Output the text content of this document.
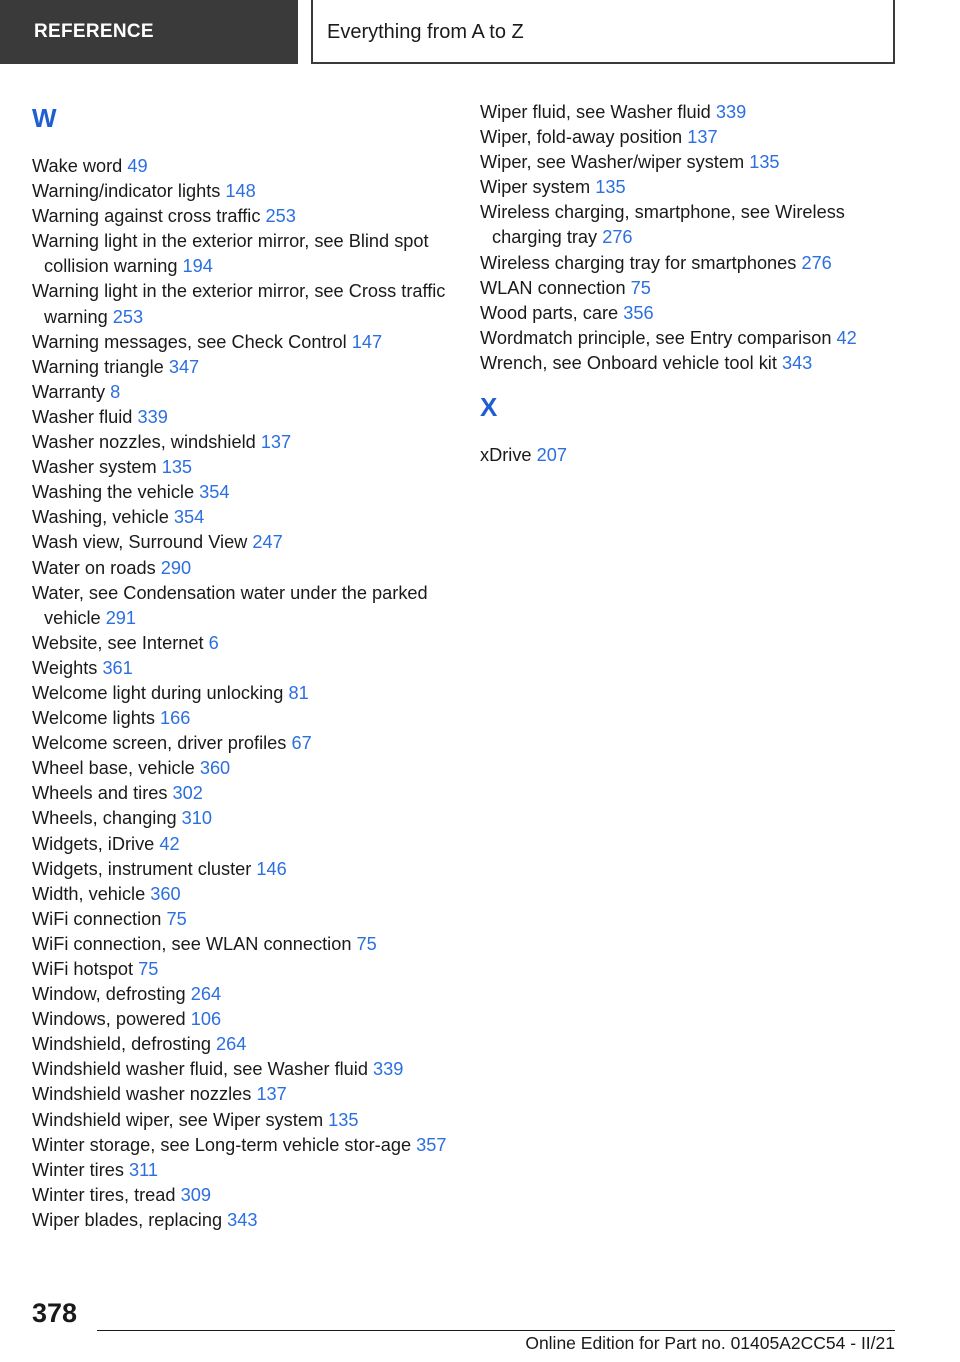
REFERENCE	Everything from A to Z
W
Wake word 49
Warning/indicator lights 148
Warning against cross traffic 253
Warning light in the exterior mirror, see Blind spot collision warning 194
Warning light in the exterior mirror, see Cross traffic warning 253
Warning messages, see Check Control 147
Warning triangle 347
Warranty 8
Washer fluid 339
Washer nozzles, windshield 137
Washer system 135
Washing the vehicle 354
Washing, vehicle 354
Wash view, Surround View 247
Water on roads 290
Water, see Condensation water under the parked vehicle 291
Website, see Internet 6
Weights 361
Welcome light during unlocking 81
Welcome lights 166
Welcome screen, driver profiles 67
Wheel base, vehicle 360
Wheels and tires 302
Wheels, changing 310
Widgets, iDrive 42
Widgets, instrument cluster 146
Width, vehicle 360
WiFi connection 75
WiFi connection, see WLAN connection 75
WiFi hotspot 75
Window, defrosting 264
Windows, powered 106
Windshield, defrosting 264
Windshield washer fluid, see Washer fluid 339
Windshield washer nozzles 137
Windshield wiper, see Wiper system 135
Winter storage, see Long-term vehicle stor-age 357
Winter tires 311
Winter tires, tread 309
Wiper blades, replacing 343
Wiper fluid, see Washer fluid 339
Wiper, fold-away position 137
Wiper, see Washer/wiper system 135
Wiper system 135
Wireless charging, smartphone, see Wireless charging tray 276
Wireless charging tray for smartphones 276
WLAN connection 75
Wood parts, care 356
Wordmatch principle, see Entry comparison 42
Wrench, see Onboard vehicle tool kit 343
X
xDrive 207
378
Online Edition for Part no. 01405A2CC54 - II/21
